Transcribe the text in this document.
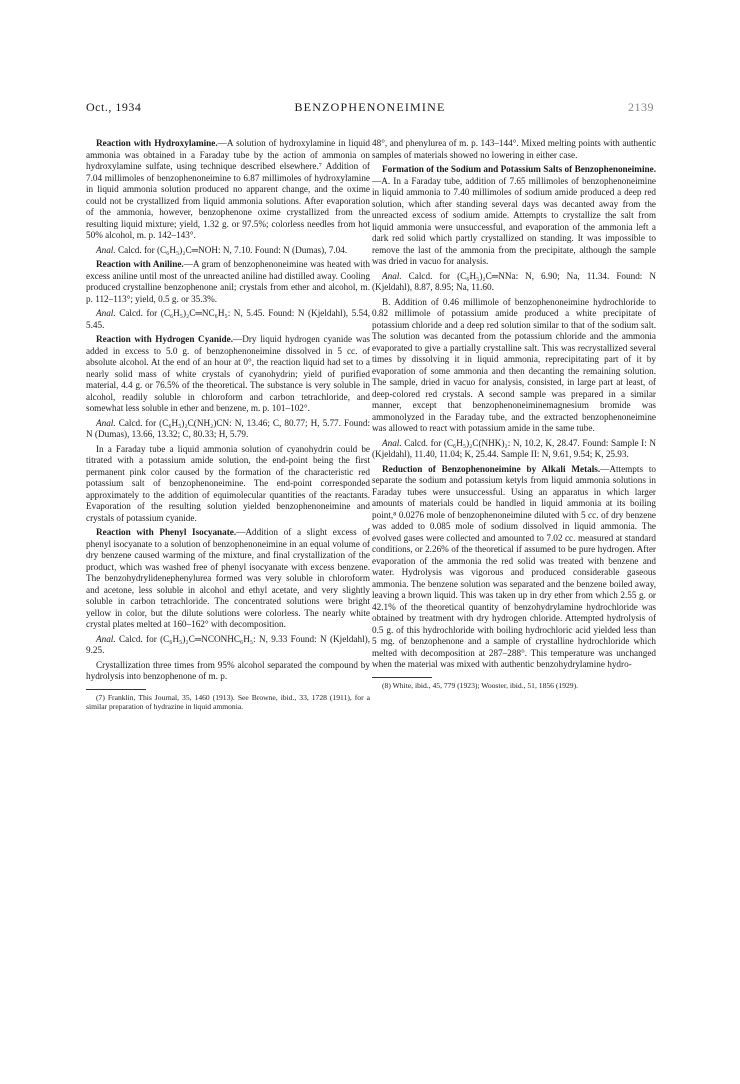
Oct., 1934	BENZOPHENONEIMINE	2139

Reaction with Hydroxylamine.—A solution of hydroxylamine in liquid ammonia was obtained in a Faraday tube by the action of ammonia on hydroxylamine sulfate, using technique described elsewhere.⁷ Addition of 7.04 millimoles of benzophenoneimine to 6.87 millimoles of hydroxylamine in liquid ammonia solution produced no apparent change, and the oxime could not be crystallized from liquid ammonia solutions. After evaporation of the ammonia, however, benzophenone oxime crystallized from the resulting liquid mixture; yield, 1.32 g. or 97.5%; colorless needles from hot 50% alcohol, m. p. 142–143°.

Anal. Calcd. for (C₆H₅)₂C═NOH: N, 7.10. Found: N (Dumas), 7.04.

Reaction with Aniline.—A gram of benzophenoneimine was heated with excess aniline until most of the unreacted aniline had distilled away. Cooling produced crystalline benzophenone anil; crystals from ether and alcohol, m. p. 112–113°; yield, 0.5 g. or 35.3%.

Anal. Calcd. for (C₆H₅)₂C═NC₆H₅: N, 5.45. Found: N (Kjeldahl), 5.54, 5.45.

Reaction with Hydrogen Cyanide.—Dry liquid hydrogen cyanide was added in excess to 5.0 g. of benzophenoneimine dissolved in 5 cc. of absolute alcohol. At the end of an hour at 0°, the reaction liquid had set to a nearly solid mass of white crystals of cyanohydrin; yield of purified material, 4.4 g. or 76.5% of the theoretical. The substance is very soluble in alcohol, readily soluble in chloroform and carbon tetrachloride, and somewhat less soluble in ether and benzene, m. p. 101–102°.

Anal. Calcd. for (C₆H₅)₂C(NH₂)CN: N, 13.46; C, 80.77; H, 5.77. Found: N (Dumas), 13.66, 13.32; C, 80.33; H, 5.79.

In a Faraday tube a liquid ammonia solution of cyanohydrin could be titrated with a potassium amide solution, the end-point being the first permanent pink color caused by the formation of the characteristic red potassium salt of benzophenoneimine. The end-point corresponded approximately to the addition of equimolecular quantities of the reactants. Evaporation of the resulting solution yielded benzophenoneimine and crystals of potassium cyanide.

Reaction with Phenyl Isocyanate.—Addition of a slight excess of phenyl isocyanate to a solution of benzophenoneimine in an equal volume of dry benzene caused warming of the mixture, and final crystallization of the product, which was washed free of phenyl isocyanate with excess benzene. The benzohydrylidenephenylurea formed was very soluble in chloroform and acetone, less soluble in alcohol and ethyl acetate, and very slightly soluble in carbon tetrachloride. The concentrated solutions were bright yellow in color, but the dilute solutions were colorless. The nearly white crystal plates melted at 160–162° with decomposition.

Anal. Calcd. for (C₆H₅)₂C═NCONHC₆H₅: N, 9.33 Found: N (Kjeldahl), 9.25.

Crystallization three times from 95% alcohol separated the compound by hydrolysis into benzophenone of m. p.

(7) Franklin, This Journal, 35, 1460 (1913). See Browne, ibid., 33, 1728 (1911), for a similar preparation of hydrazine in liquid ammonia.

48°, and phenylurea of m. p. 143–144°. Mixed melting points with authentic samples of materials showed no lowering in either case.

Formation of the Sodium and Potassium Salts of Benzophenoneimine.—A. In a Faraday tube, addition of 7.65 millimoles of benzophenoneimine in liquid ammonia to 7.40 millimoles of sodium amide produced a deep red solution, which after standing several days was decanted away from the unreacted excess of sodium amide. Attempts to crystallize the salt from liquid ammonia were unsuccessful, and evaporation of the ammonia left a dark red solid which partly crystallized on standing. It was impossible to remove the last of the ammonia from the precipitate, although the sample was dried in vacuo for analysis.

Anal. Calcd. for (C₆H₅)₂C═NNa: N, 6.90; Na, 11.34. Found: N (Kjeldahl), 8.87, 8.95; Na, 11.60.

B. Addition of 0.46 millimole of benzophenoneimine hydrochloride to 0.82 millimole of potassium amide produced a white precipitate of potassium chloride and a deep red solution similar to that of the sodium salt. The solution was decanted from the potassium chloride and the ammonia evaporated to give a partially crystalline salt. This was recrystallized several times by dissolving it in liquid ammonia, reprecipitating part of it by evaporation of some ammonia and then decanting the remaining solution. The sample, dried in vacuo for analysis, consisted, in large part at least, of deep-colored red crystals. A second sample was prepared in a similar manner, except that benzophenoneiminemagnesium bromide was ammonolyzed in the Faraday tube, and the extracted benzophenoneimine was allowed to react with potassium amide in the same tube.

Anal. Calcd. for (C₆H₅)₂C(NHK)₂: N, 10.2, K, 28.47. Found: Sample I: N (Kjeldahl), 11.40, 11.04; K, 25.44. Sample II: N, 9.61, 9.54; K, 25.93.

Reduction of Benzophenoneimine by Alkali Metals.—Attempts to separate the sodium and potassium ketyls from liquid ammonia solutions in Faraday tubes were unsuccessful. Using an apparatus in which larger amounts of materials could be handled in liquid ammonia at its boiling point,⁸ 0.0276 mole of benzophenoneimine diluted with 5 cc. of dry benzene was added to 0.085 mole of sodium dissolved in liquid ammonia. The evolved gases were collected and amounted to 7.02 cc. measured at standard conditions, or 2.26% of the theoretical if assumed to be pure hydrogen. After evaporation of the ammonia the red solid was treated with benzene and water. Hydrolysis was vigorous and produced considerable gaseous ammonia. The benzene solution was separated and the benzene boiled away, leaving a brown liquid. This was taken up in dry ether from which 2.55 g. or 42.1% of the theoretical quantity of benzohydrylamine hydrochloride was obtained by treatment with dry hydrogen chloride. Attempted hydrolysis of 0.5 g. of this hydrochloride with boiling hydrochloric acid yielded less than 5 mg. of benzophenone and a sample of crystalline hydrochloride which melted with decomposition at 287–288°. This temperature was unchanged when the material was mixed with authentic benzohydrylamine hydro-

(8) White, ibid., 45, 779 (1923); Wooster, ibid., 51, 1856 (1929).
